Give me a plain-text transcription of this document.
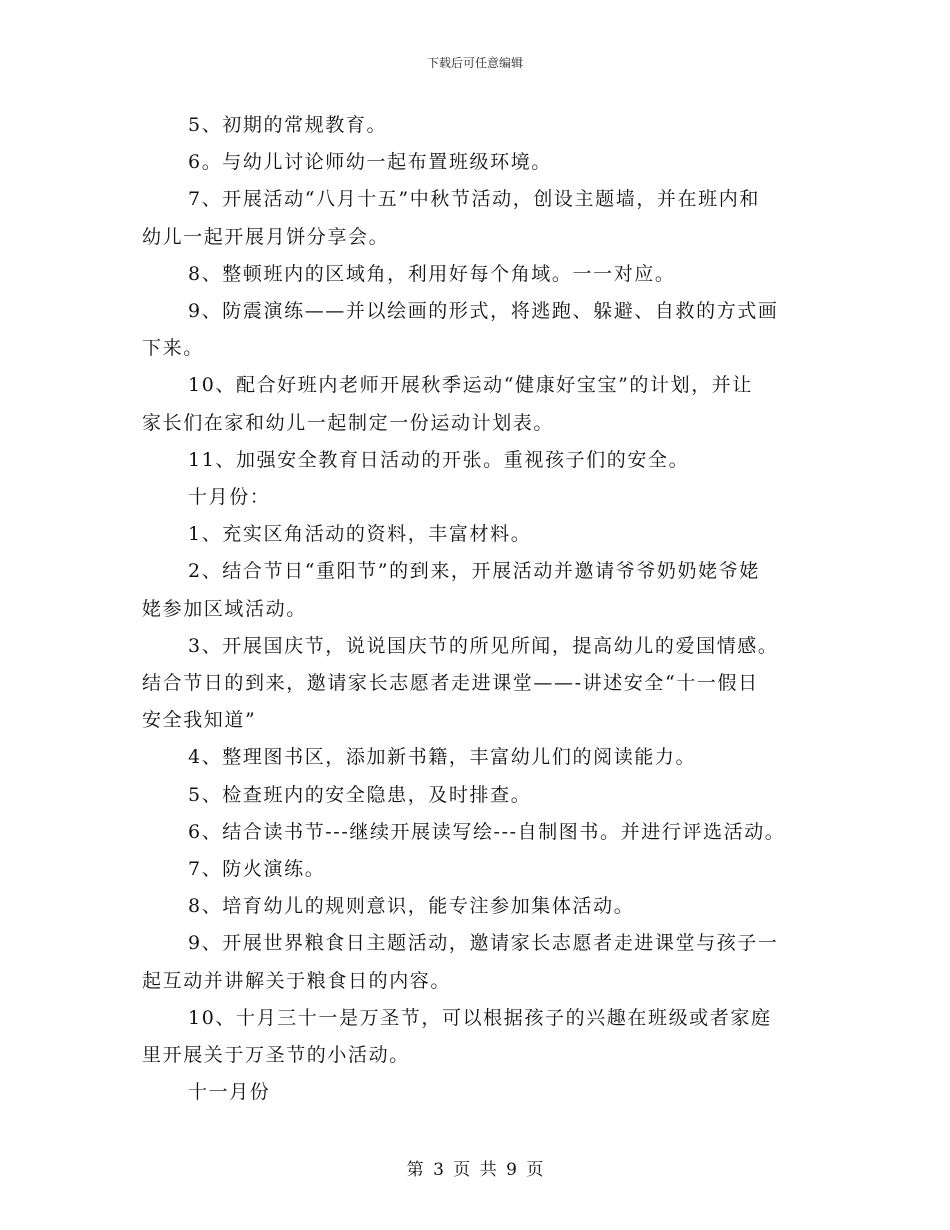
下载后可任意编辑
5、初期的常规教育。
6。与幼儿讨论师幼一起布置班级环境。
7、开展活动“八月十五”中秋节活动，创设主题墙，并在班内和
幼儿一起开展月饼分享会。
8、整顿班内的区域角，利用好每个角域。一一对应。
9、防震演练——并以绘画的形式，将逃跑、躲避、自救的方式画
下来。
10、配合好班内老师开展秋季运动“健康好宝宝”的计划，并让
家长们在家和幼儿一起制定一份运动计划表。
11、加强安全教育日活动的开张。重视孩子们的安全。
十月份：
1、充实区角活动的资料，丰富材料。
2、结合节日“重阳节”的到来，开展活动并邀请爷爷奶奶姥爷姥
姥参加区域活动。
3、开展国庆节，说说国庆节的所见所闻，提高幼儿的爱国情感。
结合节日的到来，邀请家长志愿者走进课堂——-讲述安全“十一假日
安全我知道”
4、整理图书区，添加新书籍，丰富幼儿们的阅读能力。
5、检查班内的安全隐患，及时排查。
6、结合读书节---继续开展读写绘---自制图书。并进行评选活动。
7、防火演练。
8、培育幼儿的规则意识，能专注参加集体活动。
9、开展世界粮食日主题活动，邀请家长志愿者走进课堂与孩子一
起互动并讲解关于粮食日的内容。
10、十月三十一是万圣节，可以根据孩子的兴趣在班级或者家庭
里开展关于万圣节的小活动。
十一月份
第 3 页 共 9 页
